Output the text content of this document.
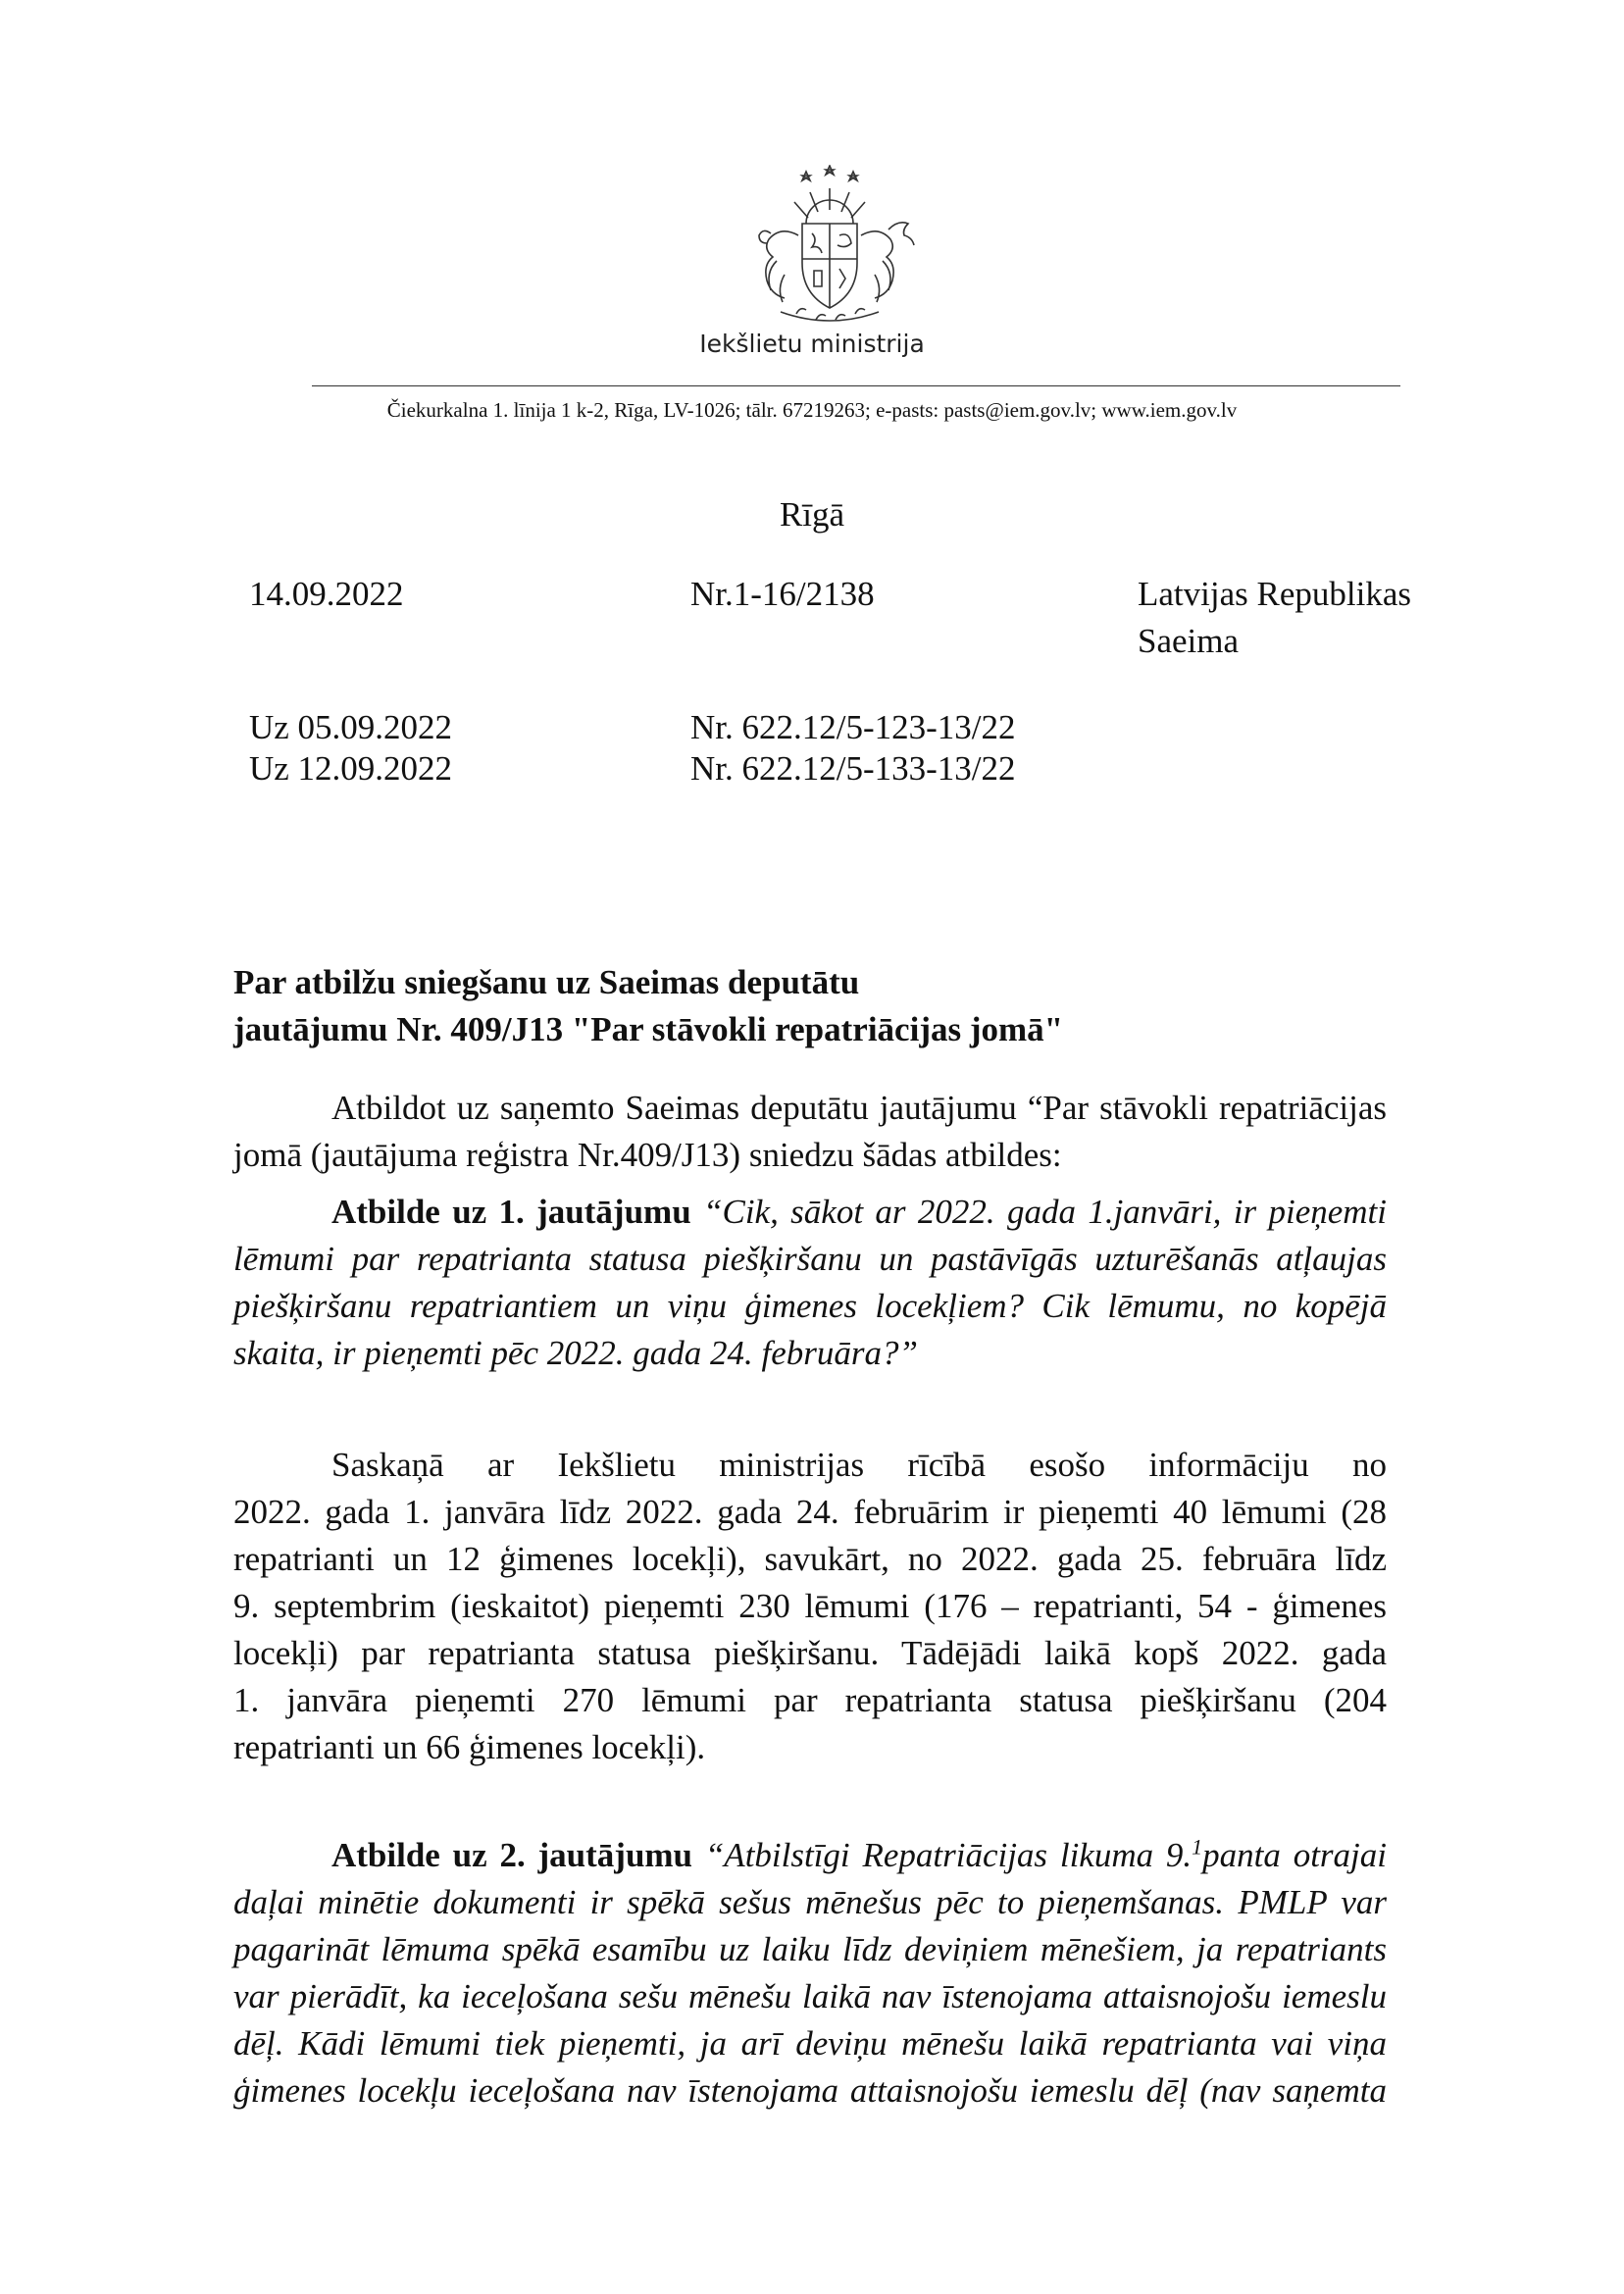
Iekšlietu ministrija
Čiekurkalna 1. līnija 1 k-2, Rīga, LV-1026; tālr. 67219263; e-pasts: pasts@iem.gov.lv; www.iem.gov.lv
Rīgā
14.09.2022	Nr.1-16/2138	Latvijas Republikas
Saeima
Uz 05.09.2022	Nr. 622.12/5-123-13/22
Uz 12.09.2022	Nr. 622.12/5-133-13/22
Par atbilžu sniegšanu uz Saeimas deputātu
jautājumu Nr. 409/J13 "Par stāvokli repatriācijas jomā"
Atbildot uz saņemto Saeimas deputātu jautājumu “Par stāvokli repatriācijas
jomā (jautājuma reģistra Nr.409/J13) sniedzu šādas atbildes:
Atbilde uz 1. jautājumu “Cik, sākot ar 2022. gada 1.janvāri, ir pieņemti
lēmumi par repatrianta statusa piešķiršanu un pastāvīgās uzturēšanās atļaujas
piešķiršanu repatriantiem un viņu ģimenes locekļiem? Cik lēmumu, no kopējā
skaita, ir pieņemti pēc 2022. gada 24. februāra?”
Saskaņā ar Iekšlietu ministrijas rīcībā esošo informāciju no
2022. gada 1. janvāra līdz 2022. gada 24. februārim ir pieņemti 40 lēmumi (28
repatrianti un 12 ģimenes locekļi), savukārt, no 2022. gada 25. februāra līdz
9. septembrim (ieskaitot) pieņemti 230 lēmumi (176 – repatrianti, 54 - ģimenes
locekļi) par repatrianta statusa piešķiršanu. Tādējādi laikā kopš 2022. gada
1. janvāra pieņemti 270 lēmumi par repatrianta statusa piešķiršanu (204
repatrianti un 66 ģimenes locekļi).
Atbilde uz 2. jautājumu “Atbilstīgi Repatriācijas likuma 9.$^1$panta otrajai
daļai minētie dokumenti ir spēkā sešus mēnešus pēc to pieņemšanas. PMLP var
pagarināt lēmuma spēkā esamību uz laiku līdz deviņiem mēnešiem, ja repatriants
var pierādīt, ka ieceļošana sešu mēnešu laikā nav īstenojama attaisnojošu iemeslu
dēļ. Kādi lēmumi tiek pieņemti, ja arī deviņu mēnešu laikā repatrianta vai viņa
ģimenes locekļu ieceļošana nav īstenojama attaisnojošu iemeslu dēļ (nav saņemta
